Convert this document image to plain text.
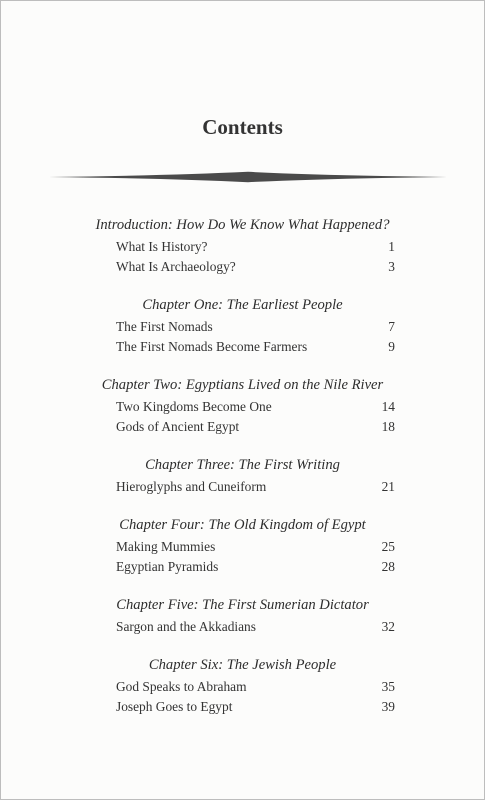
Contents
Introduction: How Do We Know What Happened?
What Is History?	1
What Is Archaeology?	3
Chapter One: The Earliest People
The First Nomads	7
The First Nomads Become Farmers	9
Chapter Two: Egyptians Lived on the Nile River
Two Kingdoms Become One	14
Gods of Ancient Egypt	18
Chapter Three: The First Writing
Hieroglyphs and Cuneiform	21
Chapter Four: The Old Kingdom of Egypt
Making Mummies	25
Egyptian Pyramids	28
Chapter Five: The First Sumerian Dictator
Sargon and the Akkadians	32
Chapter Six: The Jewish People
God Speaks to Abraham	35
Joseph Goes to Egypt	39
